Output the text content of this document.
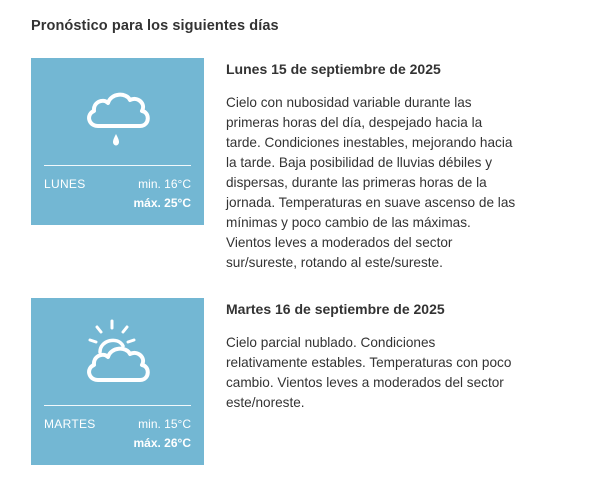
Pronóstico para los siguientes días
LUNES	min. 16°C
máx. 25°C
Lunes 15 de septiembre de 2025

Cielo con nubosidad variable durante las primeras horas del día, despejado hacia la tarde. Condiciones inestables, mejorando hacia la tarde. Baja posibilidad de lluvias débiles y dispersas, durante las primeras horas de la jornada. Temperaturas en suave ascenso de las mínimas y poco cambio de las máximas. Vientos leves a moderados del sector sur/sureste, rotando al este/sureste.

MARTES	min. 15°C
máx. 26°C
Martes 16 de septiembre de 2025

Cielo parcial nublado. Condiciones relativamente estables. Temperaturas con poco cambio. Vientos leves a moderados del sector este/noreste.
